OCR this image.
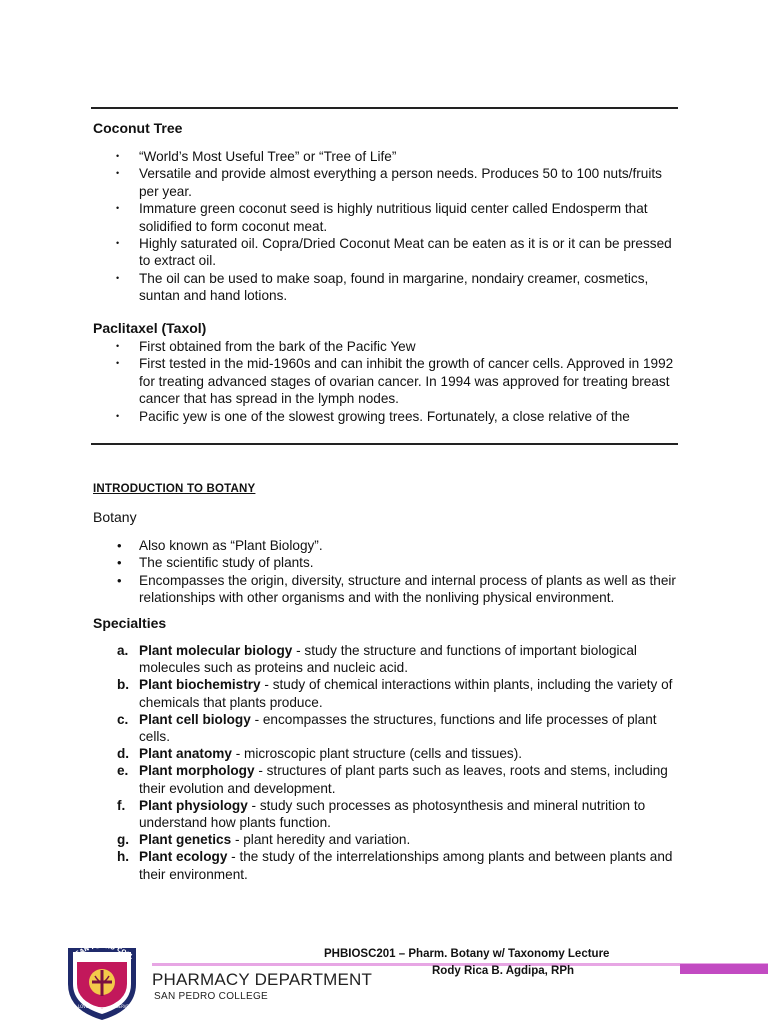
Coconut Tree
• “World’s Most Useful Tree” or “Tree of Life”
• Versatile and provide almost everything a person needs. Produces 50 to 100 nuts/fruits per year.
• Immature green coconut seed is highly nutritious liquid center called Endosperm that solidified to form coconut meat.
• Highly saturated oil. Copra/Dried Coconut Meat can be eaten as it is or it can be pressed to extract oil.
• The oil can be used to make soap, found in margarine, nondairy creamer, cosmetics, suntan and hand lotions.
Paclitaxel (Taxol)
• First obtained from the bark of the Pacific Yew
• First tested in the mid-1960s and can inhibit the growth of cancer cells. Approved in 1992 for treating advanced stages of ovarian cancer. In 1994 was approved for treating breast cancer that has spread in the lymph nodes.
• Pacific yew is one of the slowest growing trees. Fortunately, a close relative of the
INTRODUCTION TO BOTANY
Botany
• Also known as “Plant Biology”.
• The scientific study of plants.
• Encompasses the origin, diversity, structure and internal process of plants as well as their relationships with other organisms and with the nonliving physical environment.
Specialties
a. Plant molecular biology - study the structure and functions of important biological molecules such as proteins and nucleic acid.
b. Plant biochemistry - study of chemical interactions within plants, including the variety of chemicals that plants produce.
c. Plant cell biology - encompasses the structures, functions and life processes of plant cells.
d. Plant anatomy - microscopic plant structure (cells and tissues).
e. Plant morphology - structures of plant parts such as leaves, roots and stems, including their evolution and development.
f. Plant physiology - study such processes as photosynthesis and mineral nutrition to understand how plants function.
g. Plant genetics - plant heredity and variation.
h. Plant ecology - the study of the interrelationships among plants and between plants and their environment.
SAN PEDRO COLL
LOVE	SERVE
PHBIOSC201 – Pharm. Botany w/ Taxonomy Lecture
Rody Rica B. Agdipa, RPh
PHARMACY DEPARTMENT
SAN PEDRO COLLEGE
